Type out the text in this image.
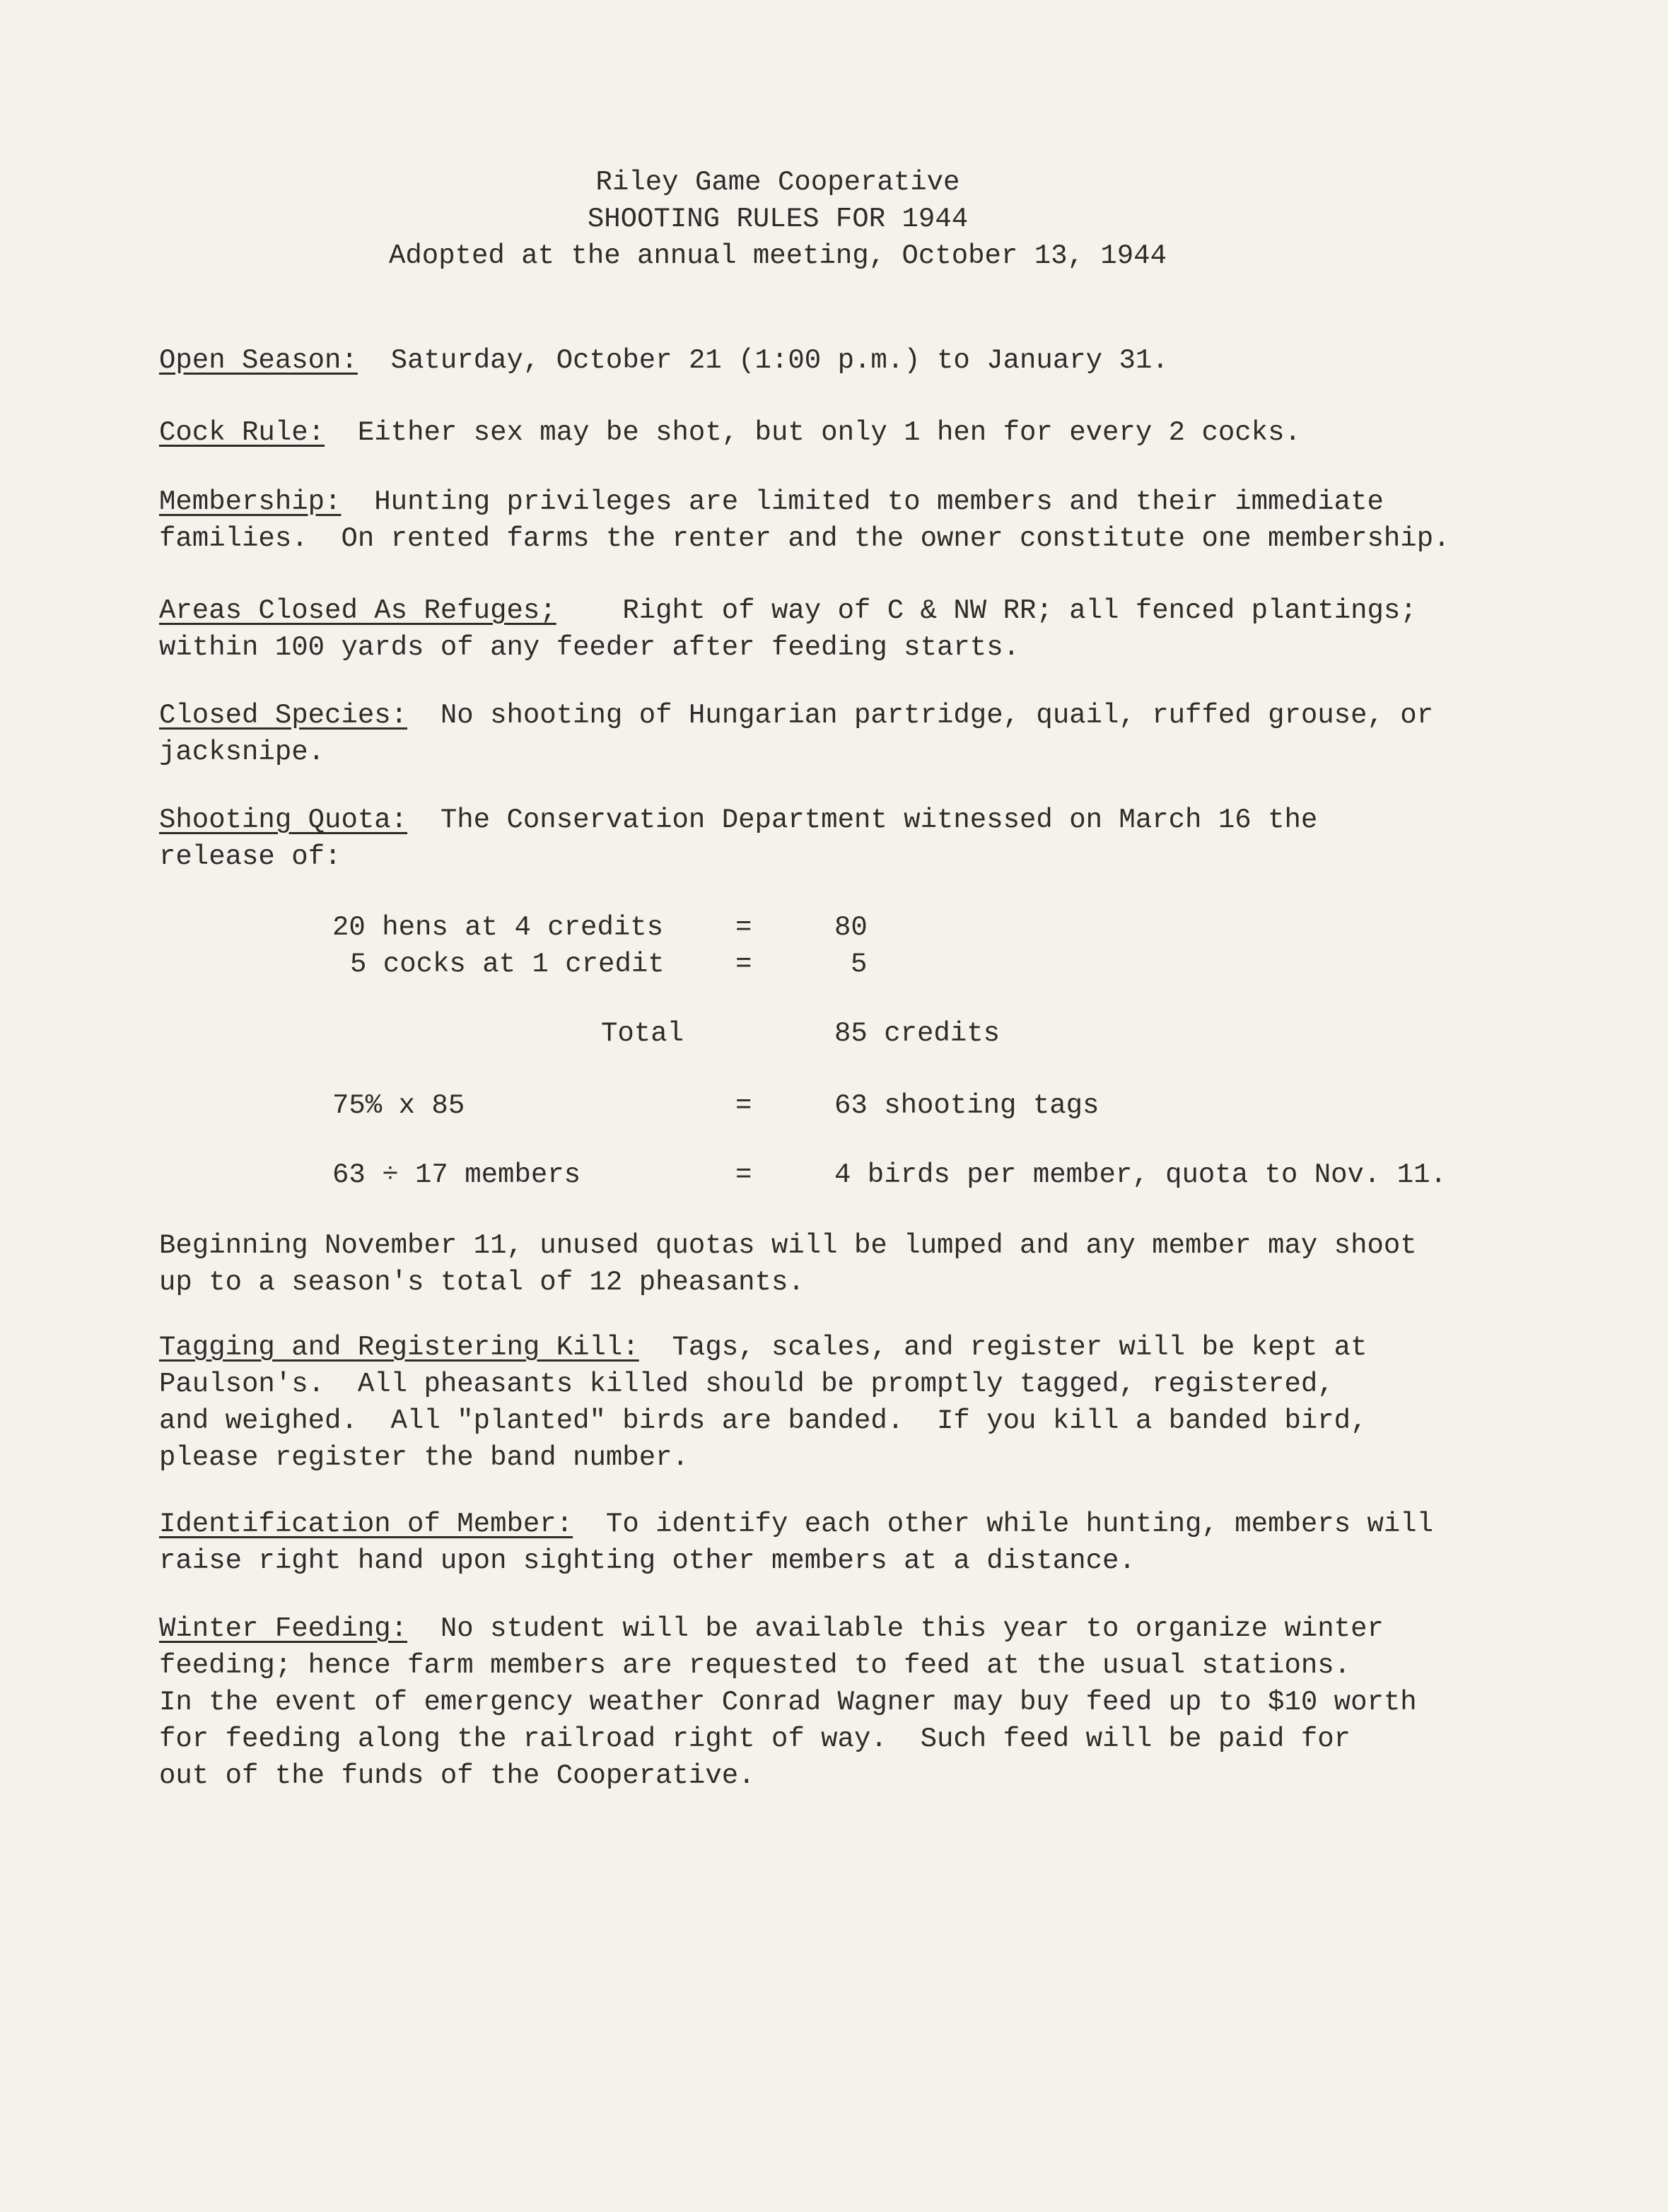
Riley Game Cooperative
SHOOTING RULES FOR 1944
Adopted at the annual meeting, October 13, 1944
Open Season: Saturday, October 21 (1:00 p.m.) to January 31.
Cock Rule: Either sex may be shot, but only 1 hen for every 2 cocks.
Membership: Hunting privileges are limited to members and their immediate
families.  On rented farms the renter and the owner constitute one membership.
Areas Closed As Refuges; Right of way of C & NW RR; all fenced plantings;
within 100 yards of any feeder after feeding starts.
Closed Species: No shooting of Hungarian partridge, quail, ruffed grouse, or
jacksnipe.
Shooting Quota: The Conservation Department witnessed on March 16 the
release of:
20 hens at 4 credits	=	80
5 cocks at 1 credit	=	5
Total	85 credits
75% x 85	=	63 shooting tags
63 ÷ 17 members	=	4 birds per member, quota to Nov. 11.
Beginning November 11, unused quotas will be lumped and any member may shoot
up to a season's total of 12 pheasants.
Tagging and Registering Kill: Tags, scales, and register will be kept at
Paulson's.  All pheasants killed should be promptly tagged, registered,
and weighed.  All "planted" birds are banded.  If you kill a banded bird,
please register the band number.
Identification of Member: To identify each other while hunting, members will
raise right hand upon sighting other members at a distance.
Winter Feeding: No student will be available this year to organize winter
feeding; hence farm members are requested to feed at the usual stations.
In the event of emergency weather Conrad Wagner may buy feed up to $10 worth
for feeding along the railroad right of way.  Such feed will be paid for
out of the funds of the Cooperative.
